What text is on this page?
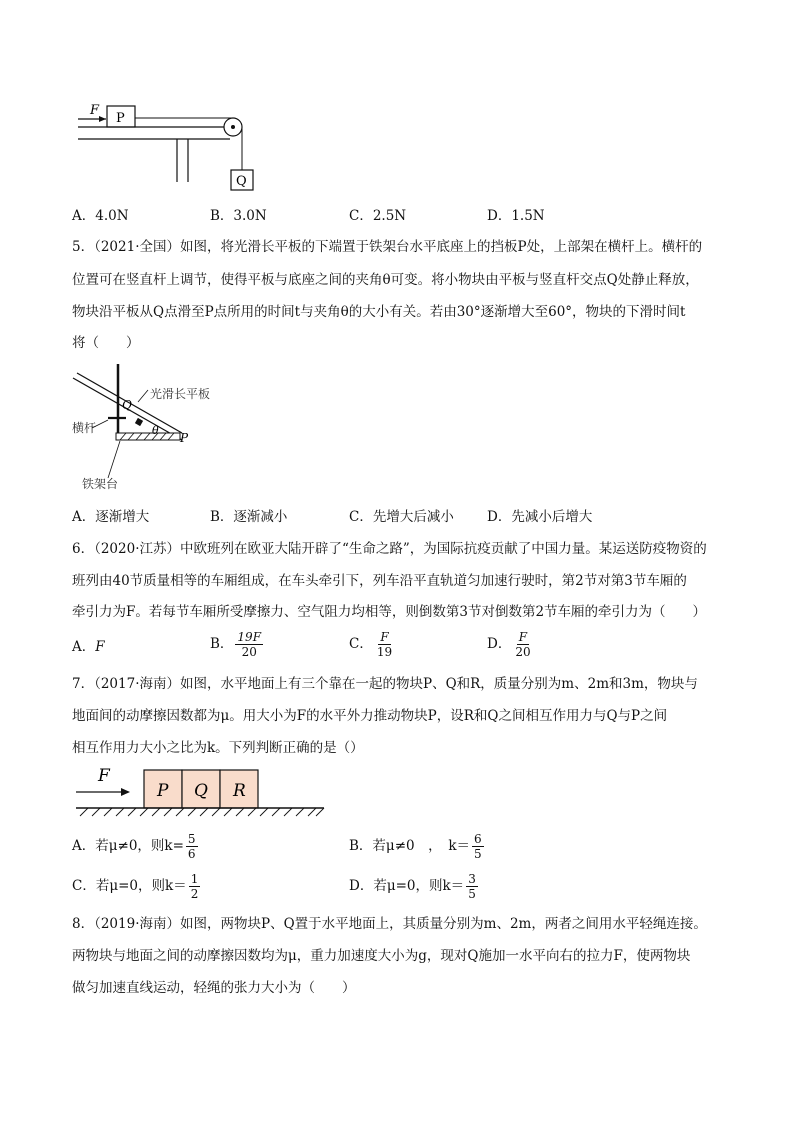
F
P
Q
A．4.0N	B．3.0N	C．2.5N	D．1.5N
5．（2021·全国）如图，将光滑长平板的下端置于铁架台水平底座上的挡板P处，上部架在横杆上。横杆的
位置可在竖直杆上调节，使得平板与底座之间的夹角θ可变。将小物块由平板与竖直杆交点Q处静止释放，
物块沿平板从Q点滑至P点所用的时间t与夹角θ的大小有关。若由30°逐渐增大至60°，物块的下滑时间t
将（　　）
Q
P
θ
光滑长平板
横杆
铁架台
A．逐渐增大	B．逐渐减小	C．先增大后减小 D．先减小后增大
6．（2020·江苏）中欧班列在欧亚大陆开辟了“生命之路”，为国际抗疫贡献了中国力量。某运送防疫物资的
班列由40节质量相等的车厢组成，在车头牵引下，列车沿平直轨道匀加速行驶时，第2节对第3节车厢的
牵引力为F。若每节车厢所受摩擦力、空气阻力均相等，则倒数第3节对倒数第2节车厢的牵引力为（　　）
A．F	B． $\frac{19F}{20}$	C． $\frac{F}{19}$	D． $\frac{F}{20}$
7．（2017·海南）如图，水平地面上有三个靠在一起的物块P、Q和R，质量分别为m、2m和3m，物块与
地面间的动摩擦因数都为μ。用大小为F的水平外力推动物块P，设R和Q之间相互作用力与Q与P之间
相互作用力大小之比为k。下列判断正确的是（）
F
P Q R
A．若μ≠0，则$k= \frac{5}{6}$	B．若μ≠0　，　$k= \frac{6}{5}$
C．若μ=0，则$k= \frac{1}{2}$	D．若μ=0，则$k= \frac{3}{5}$
8．（2019·海南）如图，两物块P、Q置于水平地面上，其质量分别为m、2m，两者之间用水平轻绳连接。
两物块与地面之间的动摩擦因数均为μ，重力加速度大小为g，现对Q施加一水平向右的拉力F，使两物块
做匀加速直线运动，轻绳的张力大小为（　　）
